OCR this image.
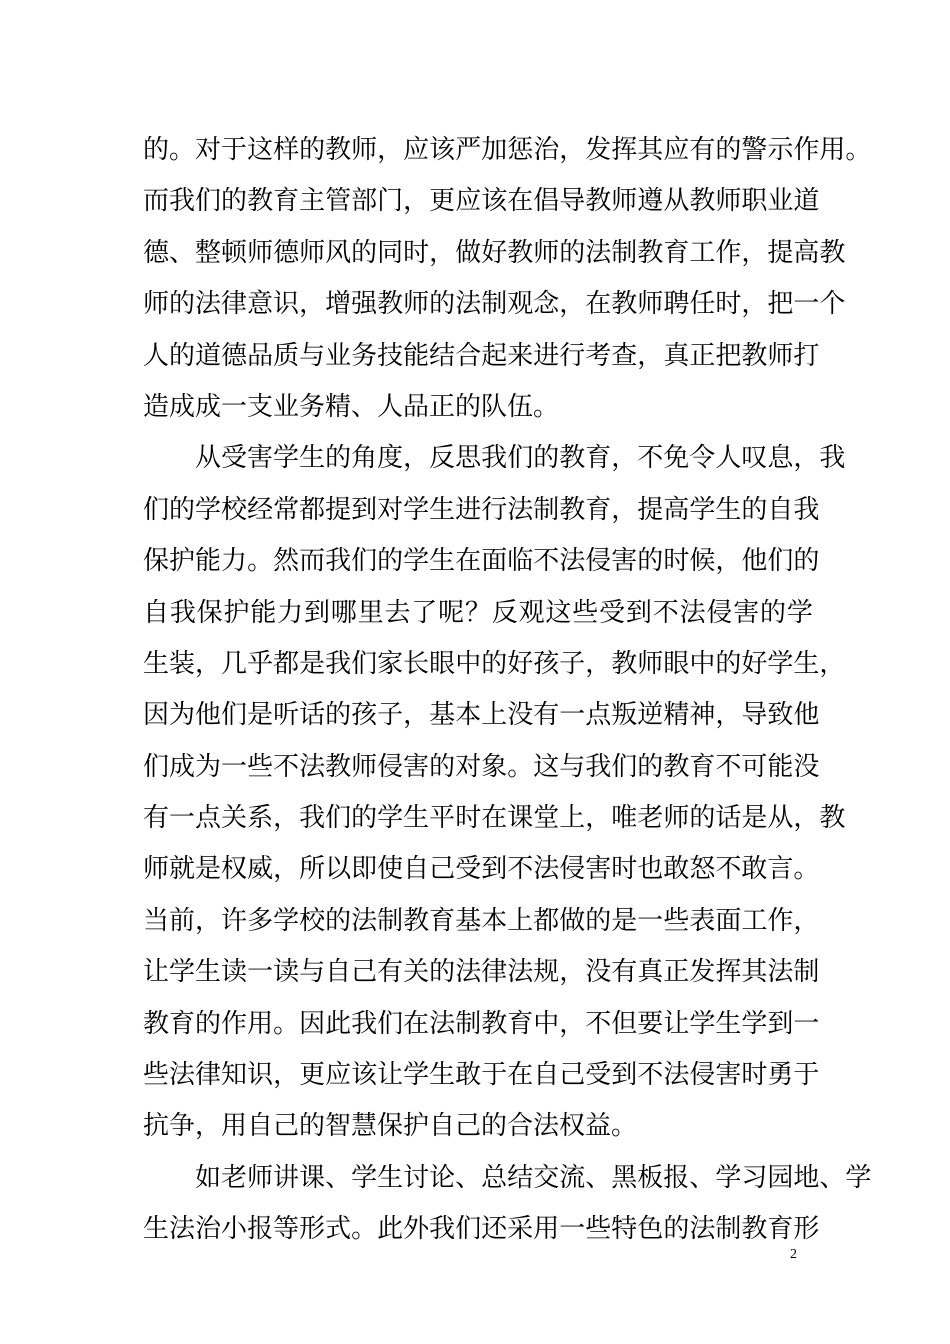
的 。 对 于 这 样 的 教 师 ， 应 该 严 加 惩 治 ， 发 挥 其 应 有 的 警 示 作 用 。
而 我 们 的 教 育 主 管 部 门 ， 更 应 该 在 倡 导 教 师 遵 从 教 师 职 业 道
德 、 整 顿 师 德 师 风 的 同 时 ， 做 好 教 师 的 法 制 教 育 工 作 ， 提 高 教
师 的 法 律 意 识 ， 增 强 教 师 的 法 制 观 念 ， 在 教 师 聘 任 时 ， 把 一 个
人 的 道 德 品 质 与 业 务 技 能 结 合 起 来 进 行 考 查 ， 真 正 把 教 师 打
造成成一支业务精、人品正的队伍。
从 受 害 学 生 的 角 度 ， 反 思 我 们 的 教 育 ， 不 免 令 人 叹 息 ， 我
们 的 学 校 经 常 都 提 到 对 学 生 进 行 法 制 教 育 ， 提 高 学 生 的 自 我
保 护 能 力 。 然 而 我 们 的 学 生 在 面 临 不 法 侵 害 的 时 候 ， 他 们 的
自 我 保 护 能 力 到 哪 里 去 了 呢 ？ 反 观 这 些 受 到 不 法 侵 害 的 学
生 装 ， 几 乎 都 是 我 们 家 长 眼 中 的 好 孩 子 ， 教 师 眼 中 的 好 学 生 ，
因 为 他 们 是 听 话 的 孩 子 ， 基 本 上 没 有 一 点 叛 逆 精 神 ， 导 致 他
们 成 为 一 些 不 法 教 师 侵 害 的 对 象 。 这 与 我 们 的 教 育 不 可 能 没
有 一 点 关 系 ， 我 们 的 学 生 平 时 在 课 堂 上 ， 唯 老 师 的 话 是 从 ， 教
师 就 是 权 威 ， 所 以 即 使 自 己 受 到 不 法 侵 害 时 也 敢 怒 不 敢 言 。
当 前 ， 许 多 学 校 的 法 制 教 育 基 本 上 都 做 的 是 一 些 表 面 工 作 ，
让 学 生 读 一 读 与 自 己 有 关 的 法 律 法 规 ， 没 有 真 正 发 挥 其 法 制
教 育 的 作 用 。 因 此 我 们 在 法 制 教 育 中 ， 不 但 要 让 学 生 学 到 一
些 法 律 知 识 ， 更 应 该 让 学 生 敢 于 在 自 己 受 到 不 法 侵 害 时 勇 于
抗争，用自己的智慧保护自己的合法权益。
如 老 师 讲 课 、 学 生 讨 论 、 总 结 交 流 、 黑 板 报 、 学 习 园 地 、 学
生 法 治 小 报 等 形 式 。 此 外 我 们 还 采 用 一 些 特 色 的 法 制 教 育 形
2
